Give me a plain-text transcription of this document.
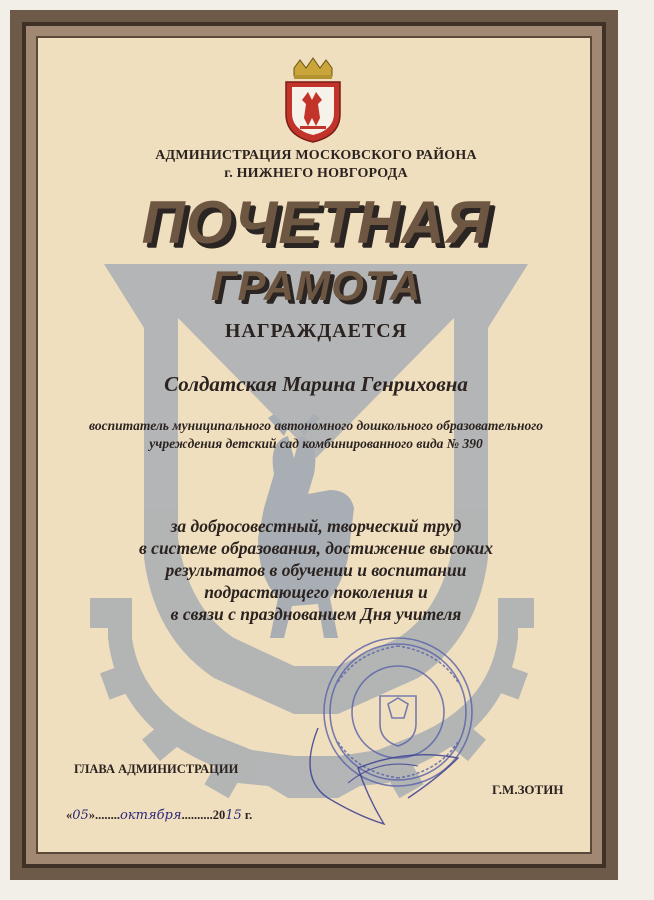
АДМИНИСТРАЦИЯ МОСКОВСКОГО РАЙОНА
г. НИЖНЕГО НОВГОРОДА
ПОЧЕТНАЯ
ГРАМОТА
НАГРАЖДАЕТСЯ
Солдатская Марина Генриховна
воспитатель муниципального автономного дошкольного образовательного
учреждения детский сад комбинированного вида № 390
за добросовестный, творческий труд
в системе образования, достижение высоких
результатов в обучении и воспитании
подрастающего поколения и
в связи с празднованием Дня учителя
ГЛАВА АДМИНИСТРАЦИИ
Г.М.ЗОТИН
«05»........октября..........2015 г.
